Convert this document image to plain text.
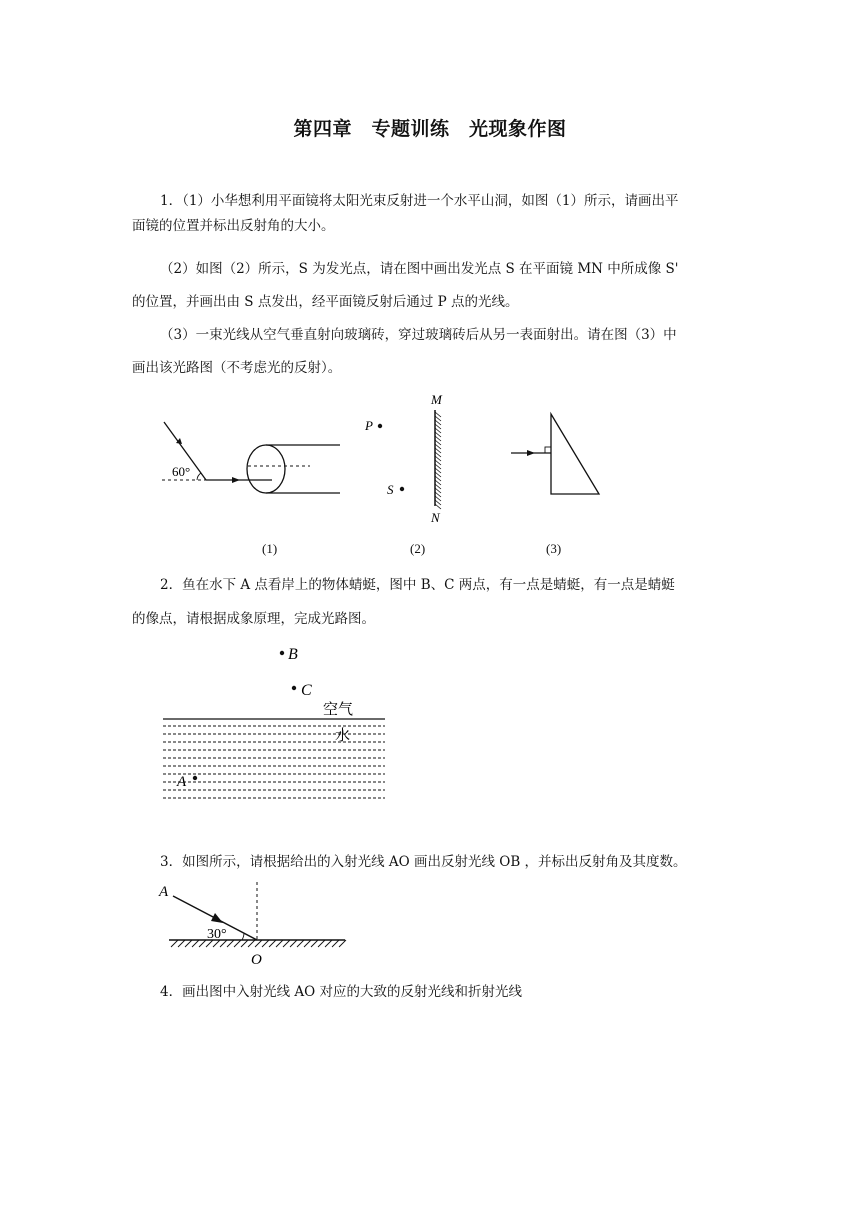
第四章　专题训练　光现象作图
1．（1）小华想利用平面镜将太阳光束反射进一个水平山洞，如图（1）所示，请画出平
面镜的位置并标出反射角的大小。
（2）如图（2）所示，S 为发光点，请在图中画出发光点 S 在平面镜 MN 中所成像 S'
的位置，并画出由 S 点发出，经平面镜反射后通过 P 点的光线。
（3）一束光线从空气垂直射向玻璃砖，穿过玻璃砖后从另一表面射出。请在图（3）中
画出该光路图（不考虑光的反射）。
60°
M
P
S
N
(1)	(2)	(3)
2．鱼在水下 A 点看岸上的物体蜻蜓，图中 B、C 两点，有一点是蜻蜓，有一点是蜻蜓
的像点，请根据成象原理，完成光路图。
B
C
空气
水
A
3．如图所示，请根据给出的入射光线 AO 画出反射光线 OB ，并标出反射角及其度数。
A
30°
O
4．画出图中入射光线 AO 对应的大致的反射光线和折射光线
